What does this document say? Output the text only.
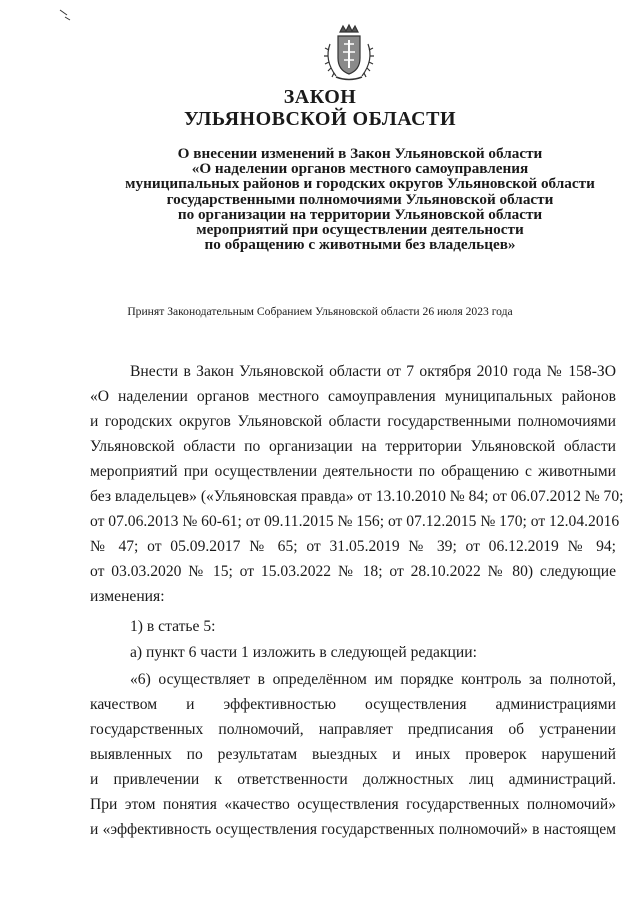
ЗАКОН
УЛЬЯНОВСКОЙ ОБЛАСТИ
О внесении изменений в Закон Ульяновской области
«О наделении органов местного самоуправления
муниципальных районов и городских округов Ульяновской области
государственными полномочиями Ульяновской области
по организации на территории Ульяновской области
мероприятий при осуществлении деятельности
по обращению с животными без владельцев»
Принят Законодательным Собранием Ульяновской области 26 июля 2023 года
Внести в Закон Ульяновской области от 7 октября 2010 года № 158-ЗО
«О наделении органов местного самоуправления муниципальных районов
и городских округов Ульяновской области государственными полномочиями
Ульяновской области по организации на территории Ульяновской области
мероприятий при осуществлении деятельности по обращению с животными
без владельцев» («Ульяновская правда» от 13.10.2010 № 84; от 06.07.2012 № 70;
от 07.06.2013 № 60-61; от 09.11.2015 № 156; от 07.12.2015 № 170; от 12.04.2016
№ 47; от 05.09.2017 № 65; от 31.05.2019 № 39; от 06.12.2019 № 94;
от 03.03.2020 № 15; от 15.03.2022 № 18; от 28.10.2022 № 80) следующие
изменения:
1) в статье 5:
а) пункт 6 части 1 изложить в следующей редакции:
«6) осуществляет в определённом им порядке контроль за полнотой,
качеством и эффективностью осуществления администрациями
государственных полномочий, направляет предписания об устранении
выявленных по результатам выездных и иных проверок нарушений
и привлечении к ответственности должностных лиц администраций.
При этом понятия «качество осуществления государственных полномочий»
и «эффективность осуществления государственных полномочий» в настоящем
